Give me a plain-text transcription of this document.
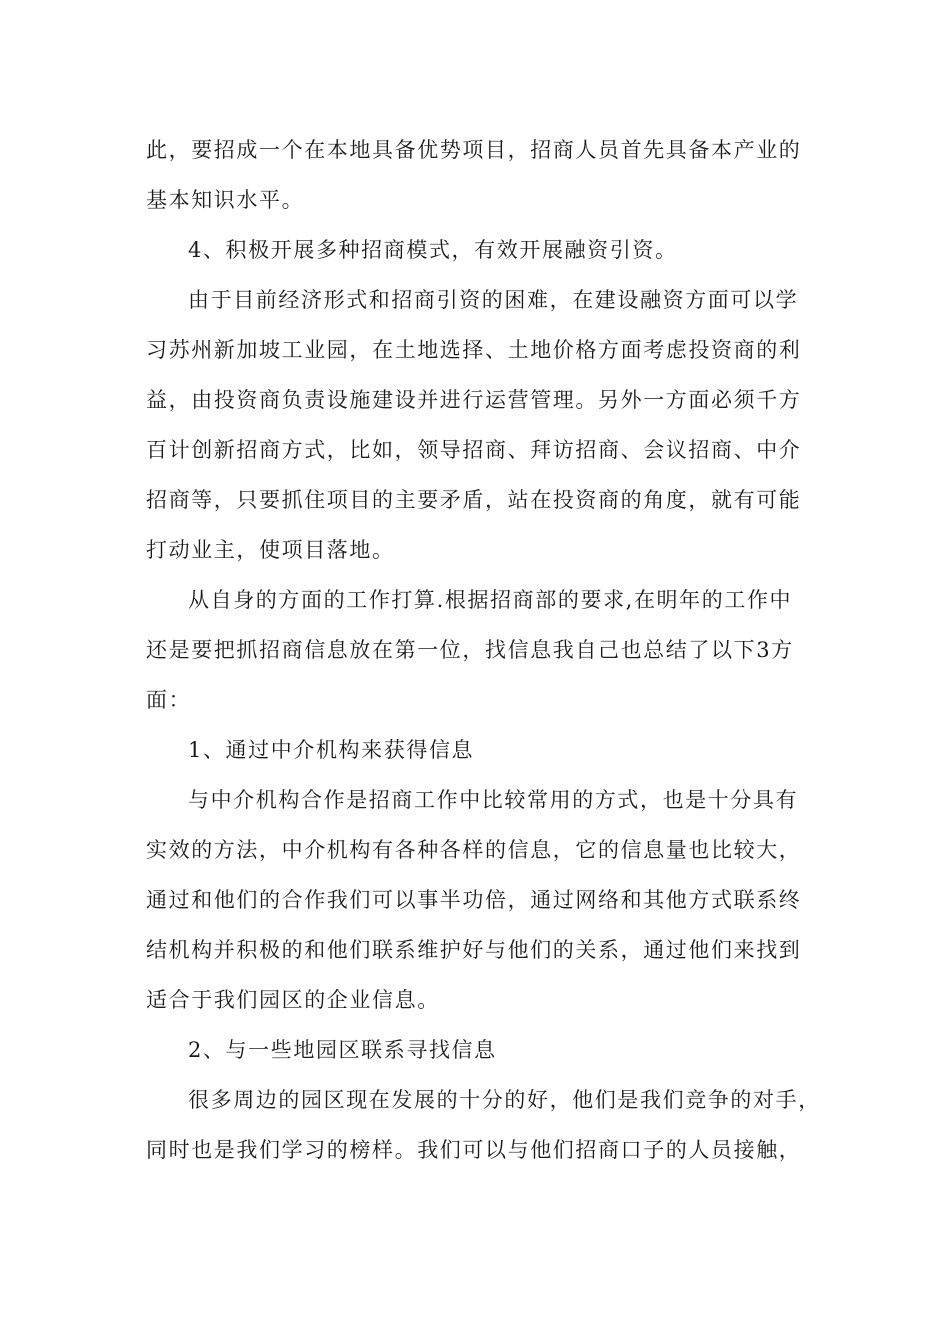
此，要招成一个在本地具备优势项目，招商人员首先具备本产业的
基本知识水平。
4、积极开展多种招商模式，有效开展融资引资。
由于目前经济形式和招商引资的困难，在建设融资方面可以学
习苏州新加坡工业园，在土地选择、土地价格方面考虑投资商的利
益，由投资商负责设施建设并进行运营管理。另外一方面必须千方
百计创新招商方式，比如，领导招商、拜访招商、会议招商、中介
招商等，只要抓住项目的主要矛盾，站在投资商的角度，就有可能
打动业主，使项目落地。
从自身的方面的工作打算.根据招商部的要求,在明年的工作中
还是要把抓招商信息放在第一位，找信息我自己也总结了以下3方
面：
1、通过中介机构来获得信息
与中介机构合作是招商工作中比较常用的方式，也是十分具有
实效的方法，中介机构有各种各样的信息，它的信息量也比较大，
通过和他们的合作我们可以事半功倍，通过网络和其他方式联系终
结机构并积极的和他们联系维护好与他们的关系，通过他们来找到
适合于我们园区的企业信息。
2、与一些地园区联系寻找信息
很多周边的园区现在发展的十分的好，他们是我们竞争的对手，
同时也是我们学习的榜样。我们可以与他们招商口子的人员接触，
